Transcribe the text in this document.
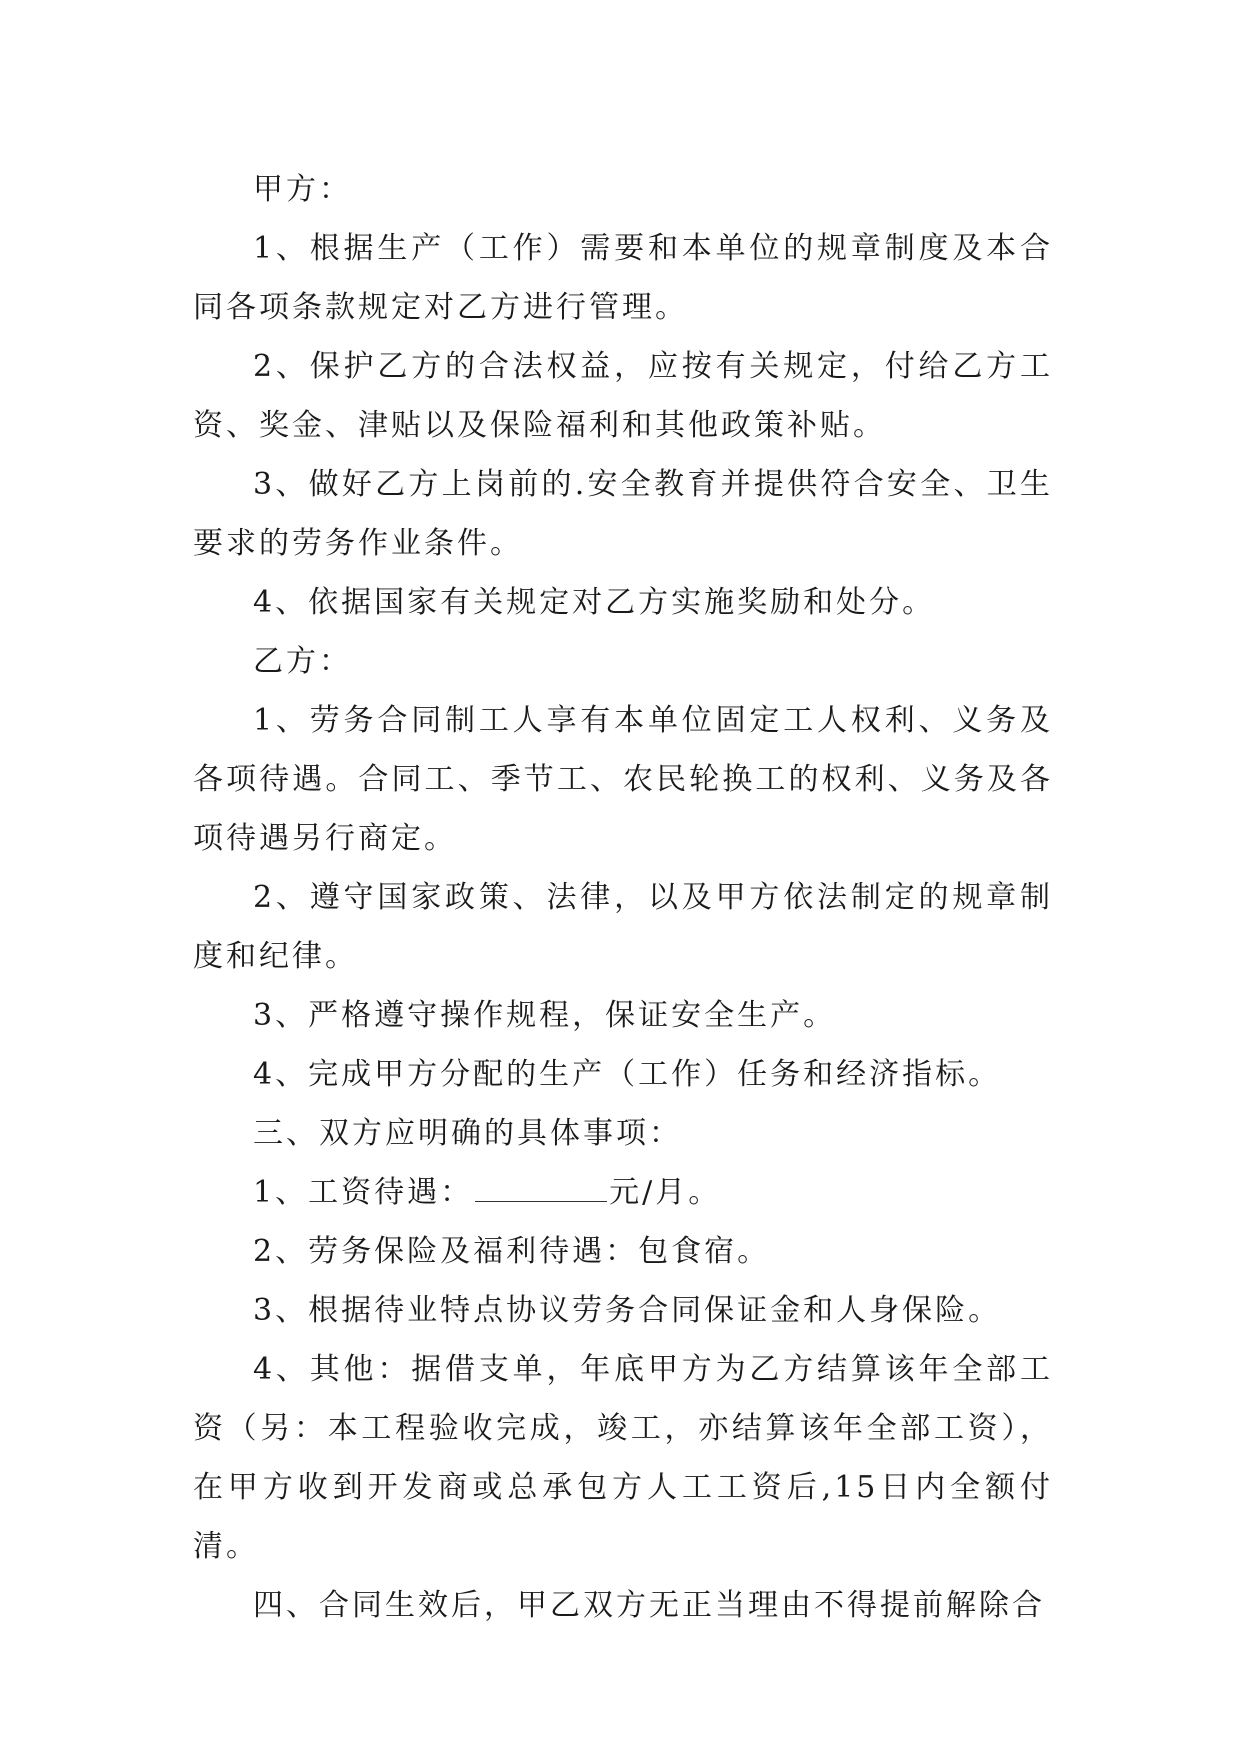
甲方：

1、根据生产（工作）需要和本单位的规章制度及本合同各项条款规定对乙方进行管理。

2、保护乙方的合法权益，应按有关规定，付给乙方工资、奖金、津贴以及保险福利和其他政策补贴。

3、做好乙方上岗前的.安全教育并提供符合安全、卫生要求的劳务作业条件。

4、依据国家有关规定对乙方实施奖励和处分。

乙方：

1、劳务合同制工人享有本单位固定工人权利、义务及各项待遇。合同工、季节工、农民轮换工的权利、义务及各项待遇另行商定。

2、遵守国家政策、法律，以及甲方依法制定的规章制度和纪律。

3、严格遵守操作规程，保证安全生产。

4、完成甲方分配的生产（工作）任务和经济指标。

三、双方应明确的具体事项：

1、工资待遇：	元/月。

2、劳务保险及福利待遇：包食宿。

3、根据待业特点协议劳务合同保证金和人身保险。

4、其他：据借支单，年底甲方为乙方结算该年全部工资（另：本工程验收完成，竣工，亦结算该年全部工资），在甲方收到开发商或总承包方人工工资后,15日内全额付清。

四、合同生效后，甲乙双方无正当理由不得提前解除合
